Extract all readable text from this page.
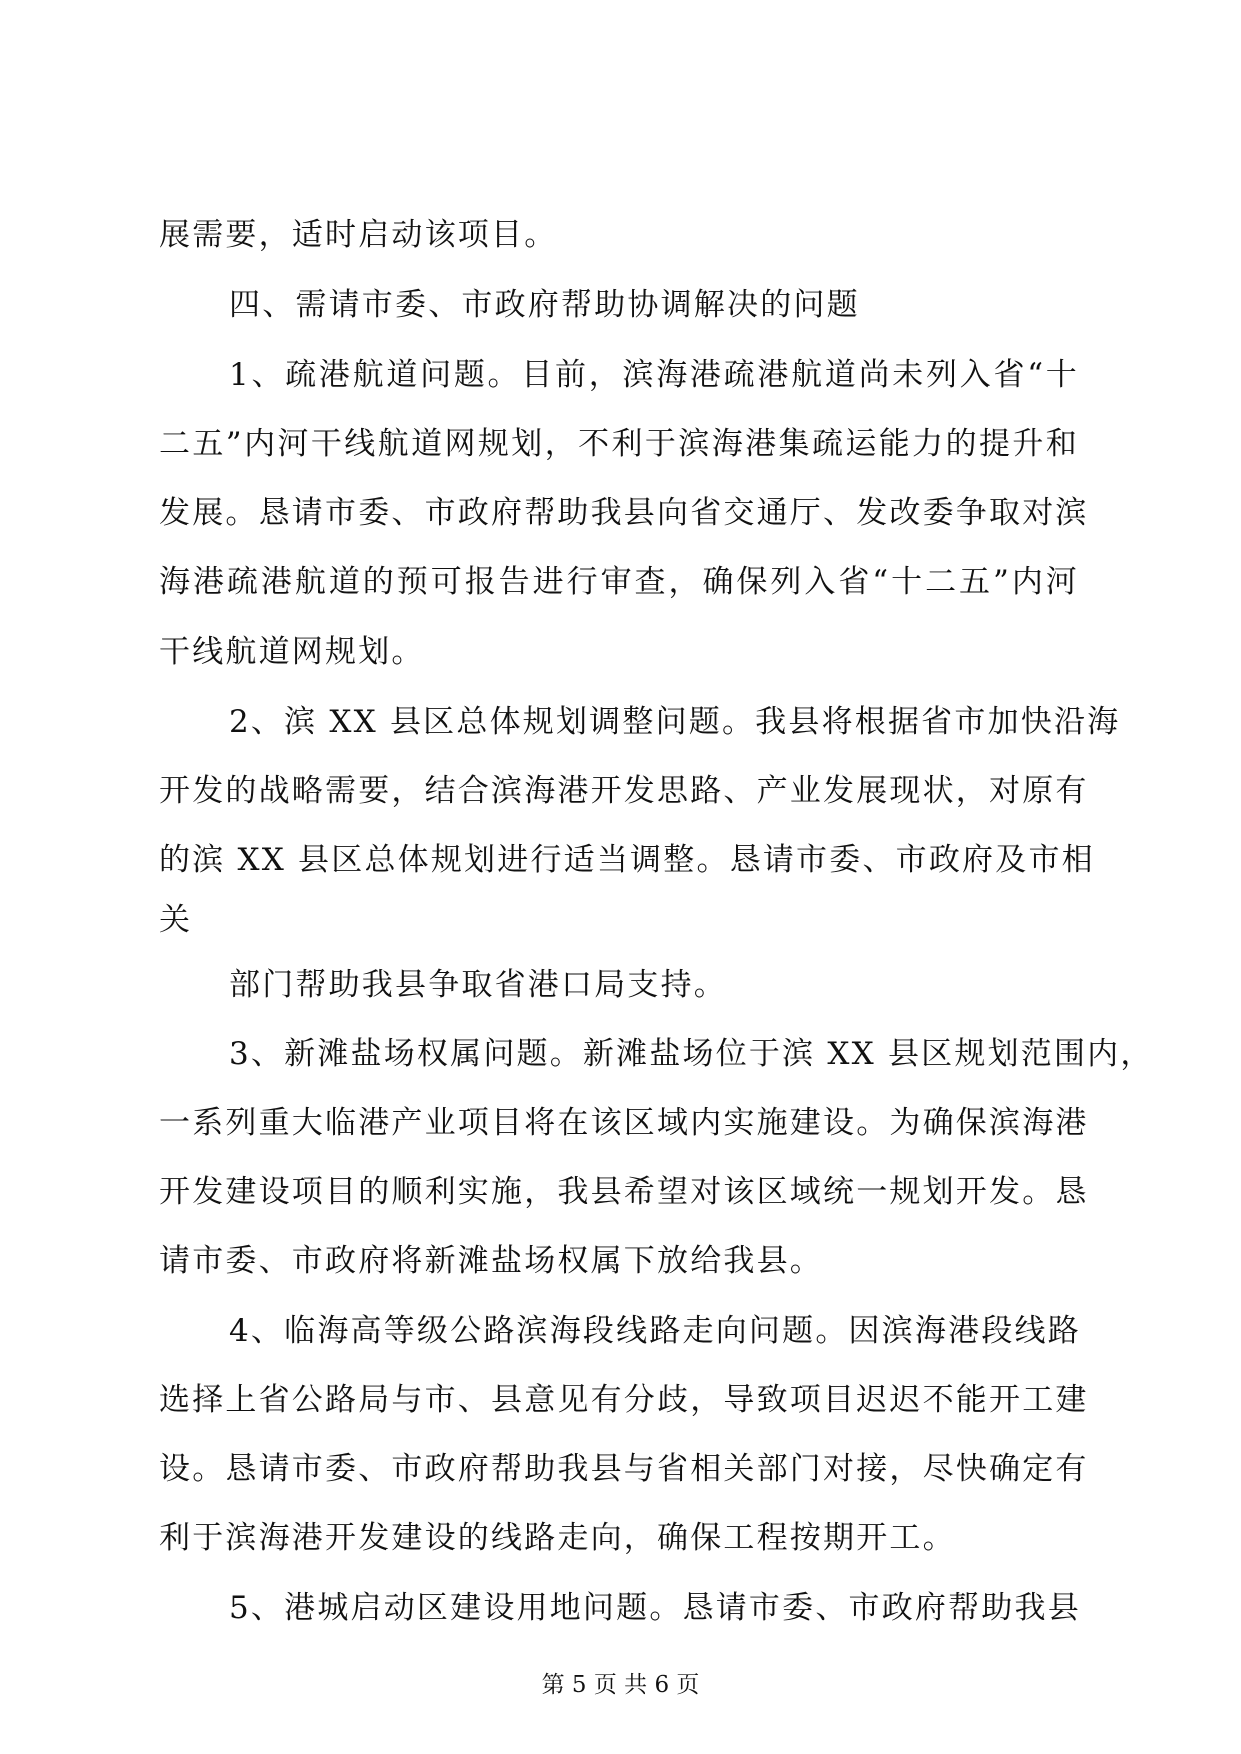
展需要，适时启动该项目。
四、需请市委、市政府帮助协调解决的问题
1、疏港航道问题。目前，滨海港疏港航道尚未列入省“十
二五”内河干线航道网规划，不利于滨海港集疏运能力的提升和
发展。恳请市委、市政府帮助我县向省交通厅、发改委争取对滨
海港疏港航道的预可报告进行审查，确保列入省“十二五”内河
干线航道网规划。
2、滨 XX 县区总体规划调整问题。我县将根据省市加快沿海
开发的战略需要，结合滨海港开发思路、产业发展现状，对原有
的滨 XX 县区总体规划进行适当调整。恳请市委、市政府及市相
关
部门帮助我县争取省港口局支持。
3、新滩盐场权属问题。新滩盐场位于滨 XX 县区规划范围内，
一系列重大临港产业项目将在该区域内实施建设。为确保滨海港
开发建设项目的顺利实施，我县希望对该区域统一规划开发。恳
请市委、市政府将新滩盐场权属下放给我县。
4、临海高等级公路滨海段线路走向问题。因滨海港段线路
选择上省公路局与市、县意见有分歧，导致项目迟迟不能开工建
设。恳请市委、市政府帮助我县与省相关部门对接，尽快确定有
利于滨海港开发建设的线路走向，确保工程按期开工。
5、港城启动区建设用地问题。恳请市委、市政府帮助我县
第 5 页 共 6 页
